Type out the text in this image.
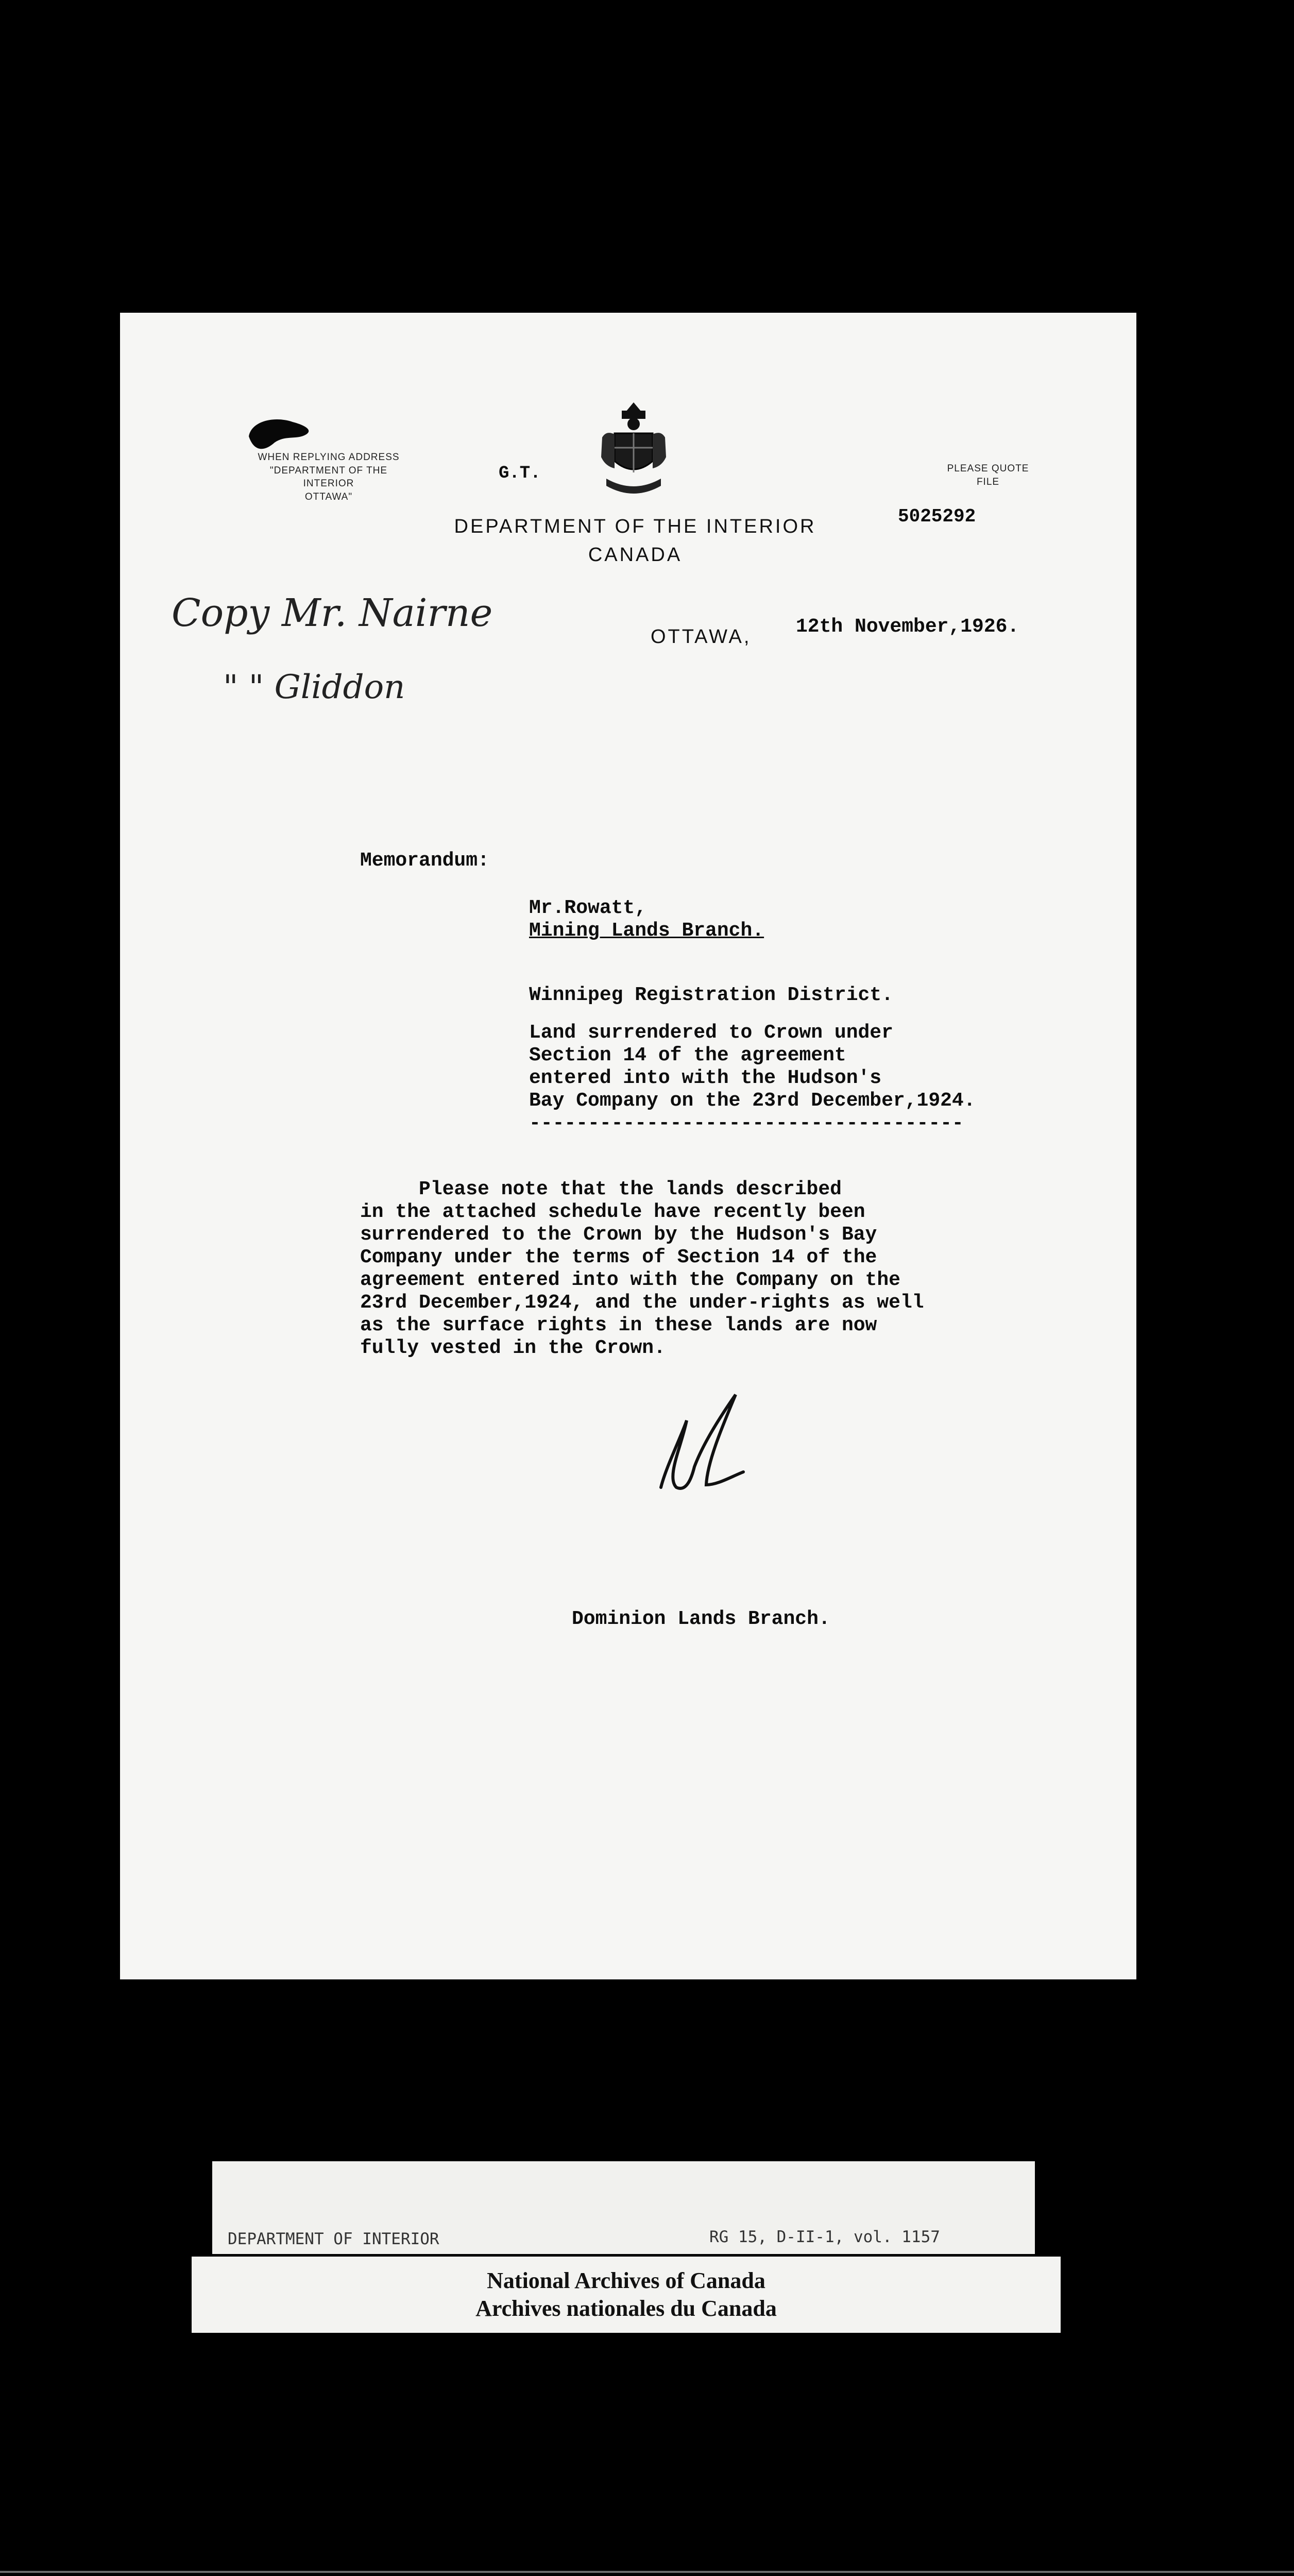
WHEN REPLYING ADDRESS
"DEPARTMENT OF THE INTERIOR
OTTAWA"
G.T.
DEPARTMENT OF THE INTERIOR
CANADA
PLEASE QUOTE
FILE
5025292
Copy Mr. Nairne
" " Gliddon
OTTAWA, 12th November,1926.
Memorandum:
Mr.Rowatt,
Mining Lands Branch.
Winnipeg Registration District.
Land surrendered to Crown under
Section 14 of the agreement
entered into with the Hudson's
Bay Company on the 23rd December,1924.
-------------------------------------
Please note that the lands described
in the attached schedule have recently been
surrendered to the Crown by the Hudson's Bay
Company under the terms of Section 14 of the
agreement entered into with the Company on the
23rd December,1924, and the under-rights as well
as the surface rights in these lands are now
fully vested in the Crown.
Dominion Lands Branch.

DEPARTMENT OF INTERIOR

	RG 15, D-II-1, vol. 1157

National Archives of Canada
Archives nationales du Canada
